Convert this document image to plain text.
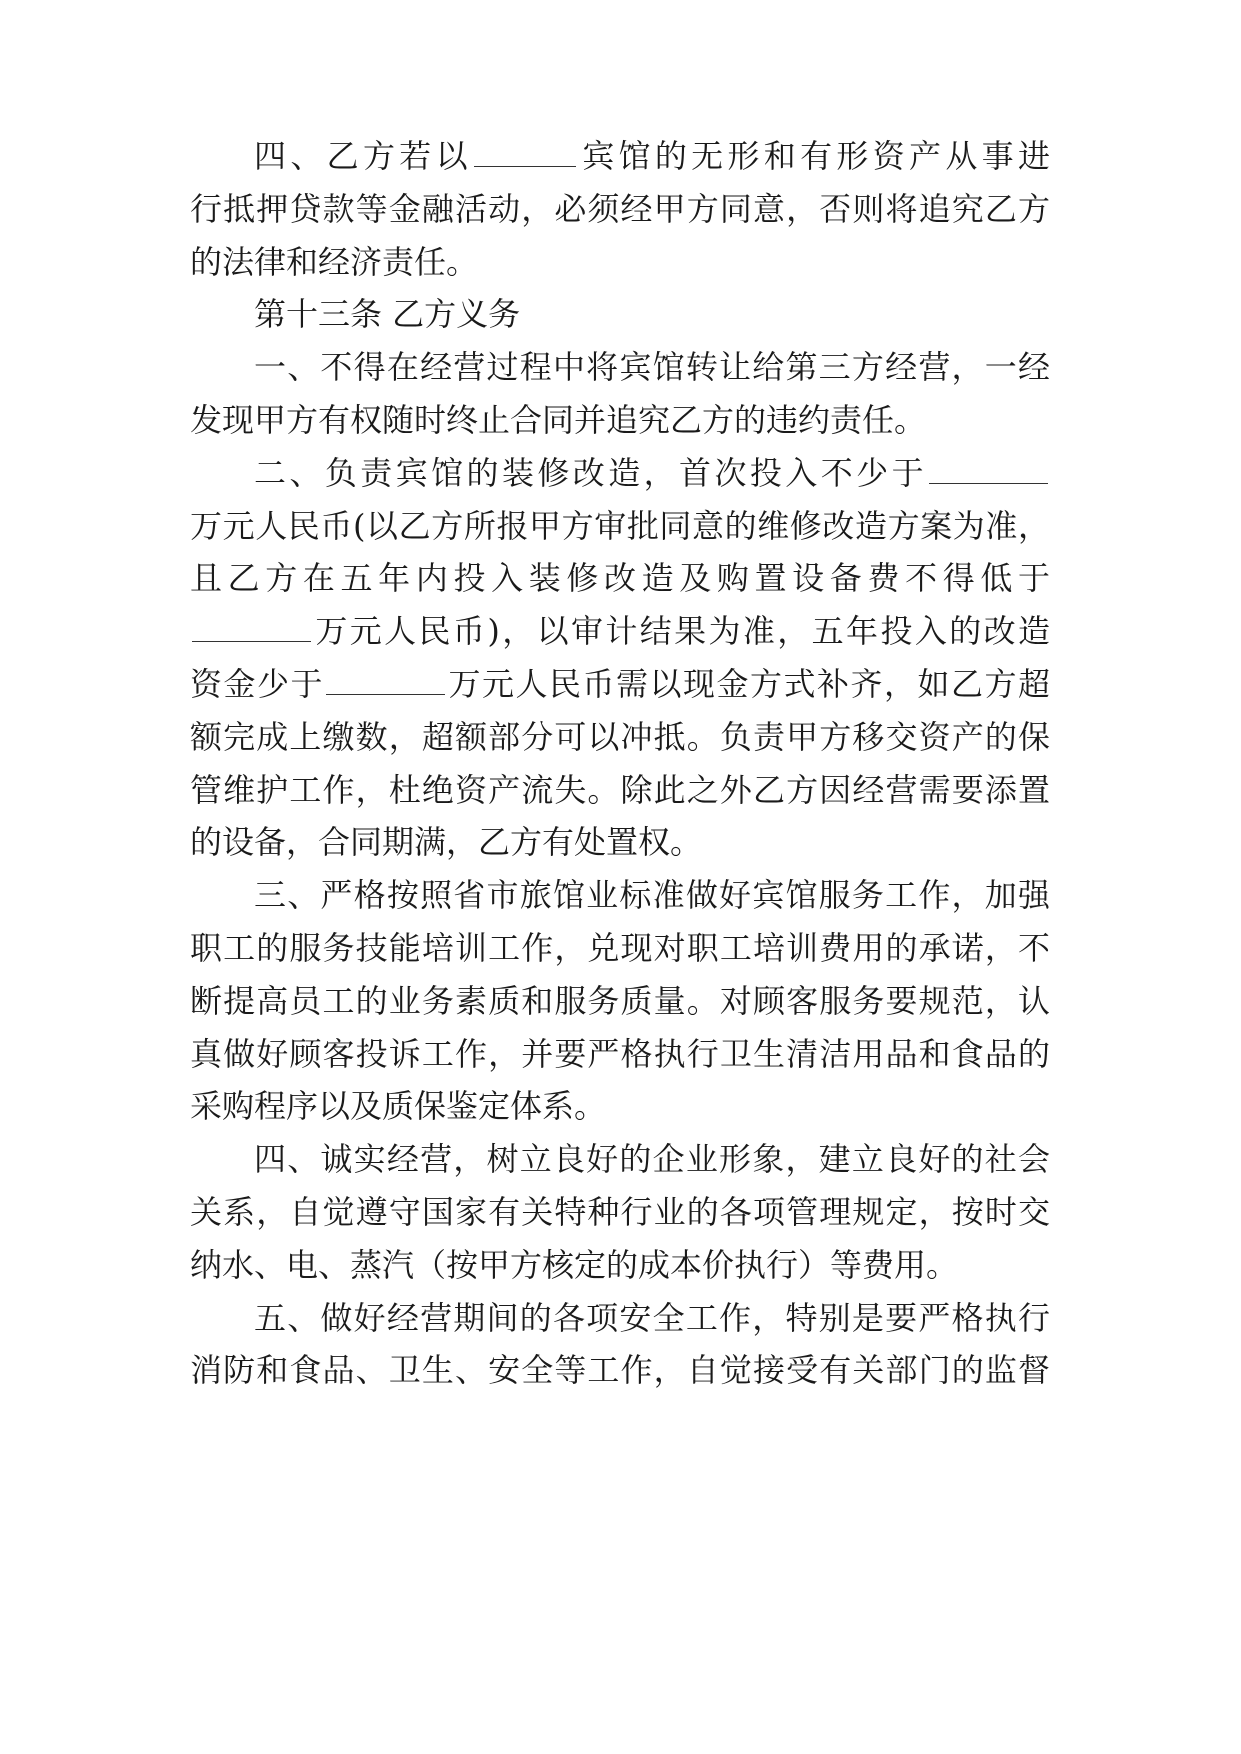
四、乙方若以	宾馆的无形和有形资产从事进
行抵押贷款等金融活动，必须经甲方同意，否则将追究乙方
的法律和经济责任。
第十三条 乙方义务
一、不得在经营过程中将宾馆转让给第三方经营，一经
发现甲方有权随时终止合同并追究乙方的违约责任。
二、负责宾馆的装修改造，首次投入不少于
万元人民币(以乙方所报甲方审批同意的维修改造方案为准，
且乙方在五年内投入装修改造及购置设备费不得低于
万元人民币)，以审计结果为准，五年投入的改造
资金少于	万元人民币需以现金方式补齐，如乙方超
额完成上缴数，超额部分可以冲抵。负责甲方移交资产的保
管维护工作，杜绝资产流失。除此之外乙方因经营需要添置
的设备，合同期满，乙方有处置权。
三、严格按照省市旅馆业标准做好宾馆服务工作，加强
职工的服务技能培训工作，兑现对职工培训费用的承诺，不
断提高员工的业务素质和服务质量。对顾客服务要规范，认
真做好顾客投诉工作，并要严格执行卫生清洁用品和食品的
采购程序以及质保鉴定体系。
四、诚实经营，树立良好的企业形象，建立良好的社会
关系，自觉遵守国家有关特种行业的各项管理规定，按时交
纳水、电、蒸汽（按甲方核定的成本价执行）等费用。
五、做好经营期间的各项安全工作，特别是要严格执行
消防和食品、卫生、安全等工作，自觉接受有关部门的监督
